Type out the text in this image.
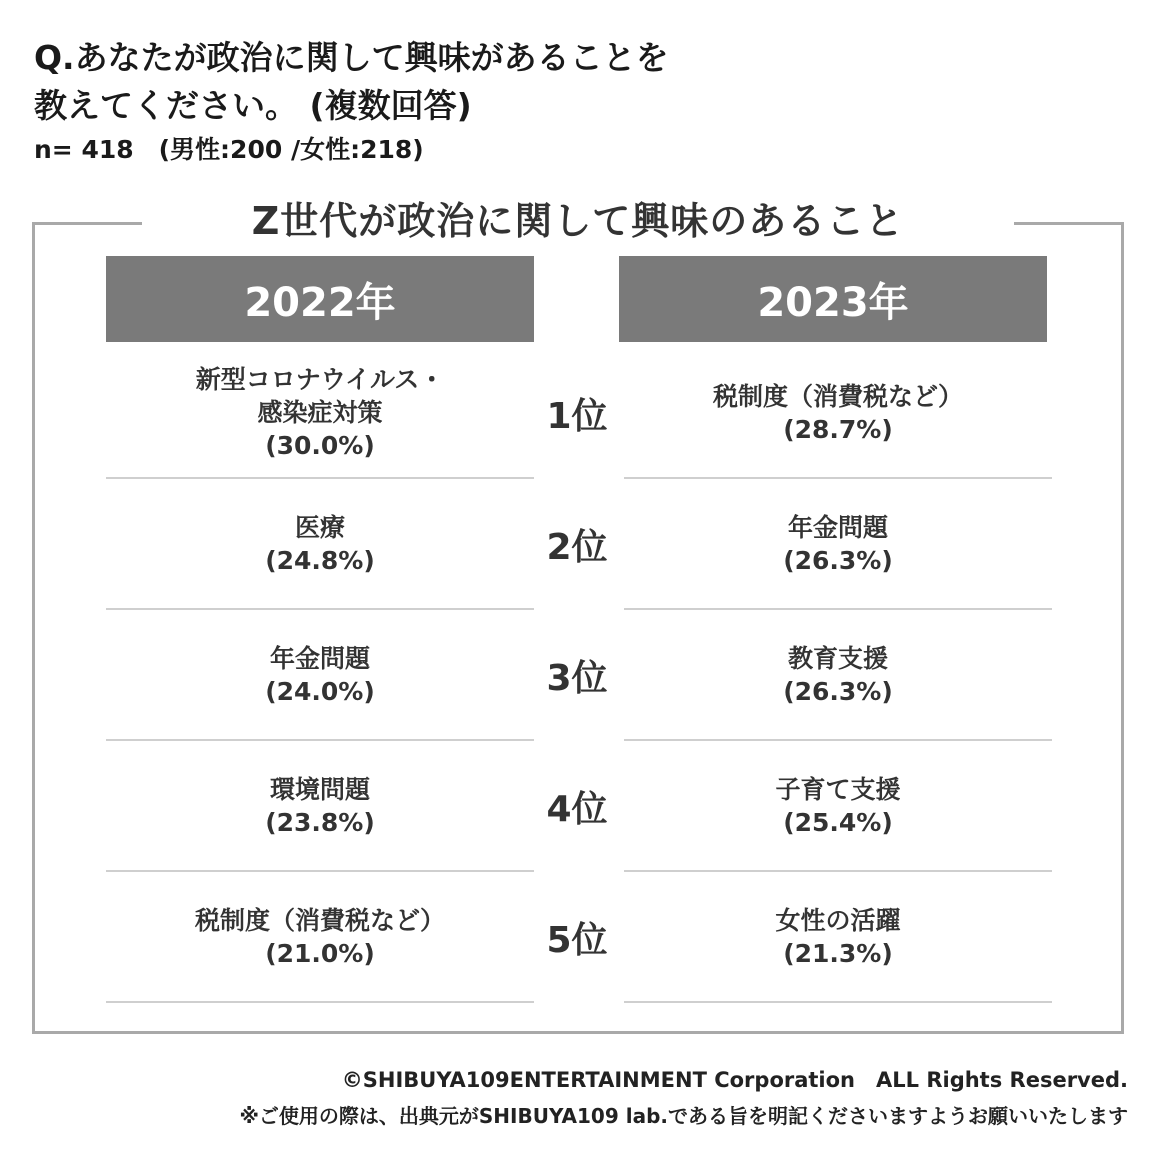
Q.あなたが政治に関して興味があることを
教えてください。 (複数回答)
n= 418　(男性:200 /女性:218)
Z世代が政治に関して興味のあること
2022年	2023年
新型コロナウイルス・
感染症対策
(30.0%)
税制度（消費税など）
(28.7%)
1位
医療
(24.8%)
年金問題
(26.3%)
2位
年金問題
(24.0%)
教育支援
(26.3%)
3位
環境問題
(23.8%)
子育て支援
(25.4%)
4位
税制度（消費税など）
(21.0%)
女性の活躍
(21.3%)
5位
©SHIBUYA109ENTERTAINMENT Corporation　ALL Rights Reserved.
※ご使用の際は、出典元がSHIBUYA109 lab.である旨を明記くださいますようお願いいたします
